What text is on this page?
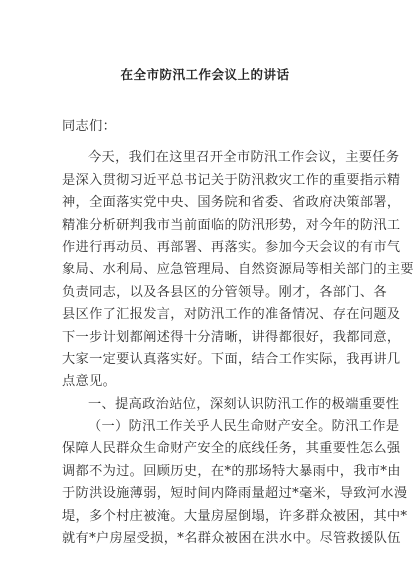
在全市防汛工作会议上的讲话
同志们：
今天，我们在这里召开全市防汛工作会议，主要任务
是深入贯彻习近平总书记关于防汛救灾工作的重要指示精
神，全面落实党中央、国务院和省委、省政府决策部署，
精准分析研判我市当前面临的防汛形势，对今年的防汛工
作进行再动员、再部署、再落实。参加今天会议的有市气
象局、水利局、应急管理局、自然资源局等相关部门的主要
负责同志，以及各县区的分管领导。刚才，各部门、各
县区作了汇报发言，对防汛工作的准备情况、存在问题及
下一步计划都阐述得十分清晰，讲得都很好，我都同意，
大家一定要认真落实好。下面，结合工作实际，我再讲几
点意见。
一、提高政治站位，深刻认识防汛工作的极端重要性
（一）防汛工作关乎人民生命财产安全。防汛工作是
保障人民群众生命财产安全的底线任务，其重要性怎么强
调都不为过。回顾历史，在*的那场特大暴雨中，我市*由
于防洪设施薄弱，短时间内降雨量超过*毫米，导致河水漫
堤，多个村庄被淹。大量房屋倒塌，许多群众被困，其中*
就有*户房屋受损，*名群众被困在洪水中。尽管救援队伍
